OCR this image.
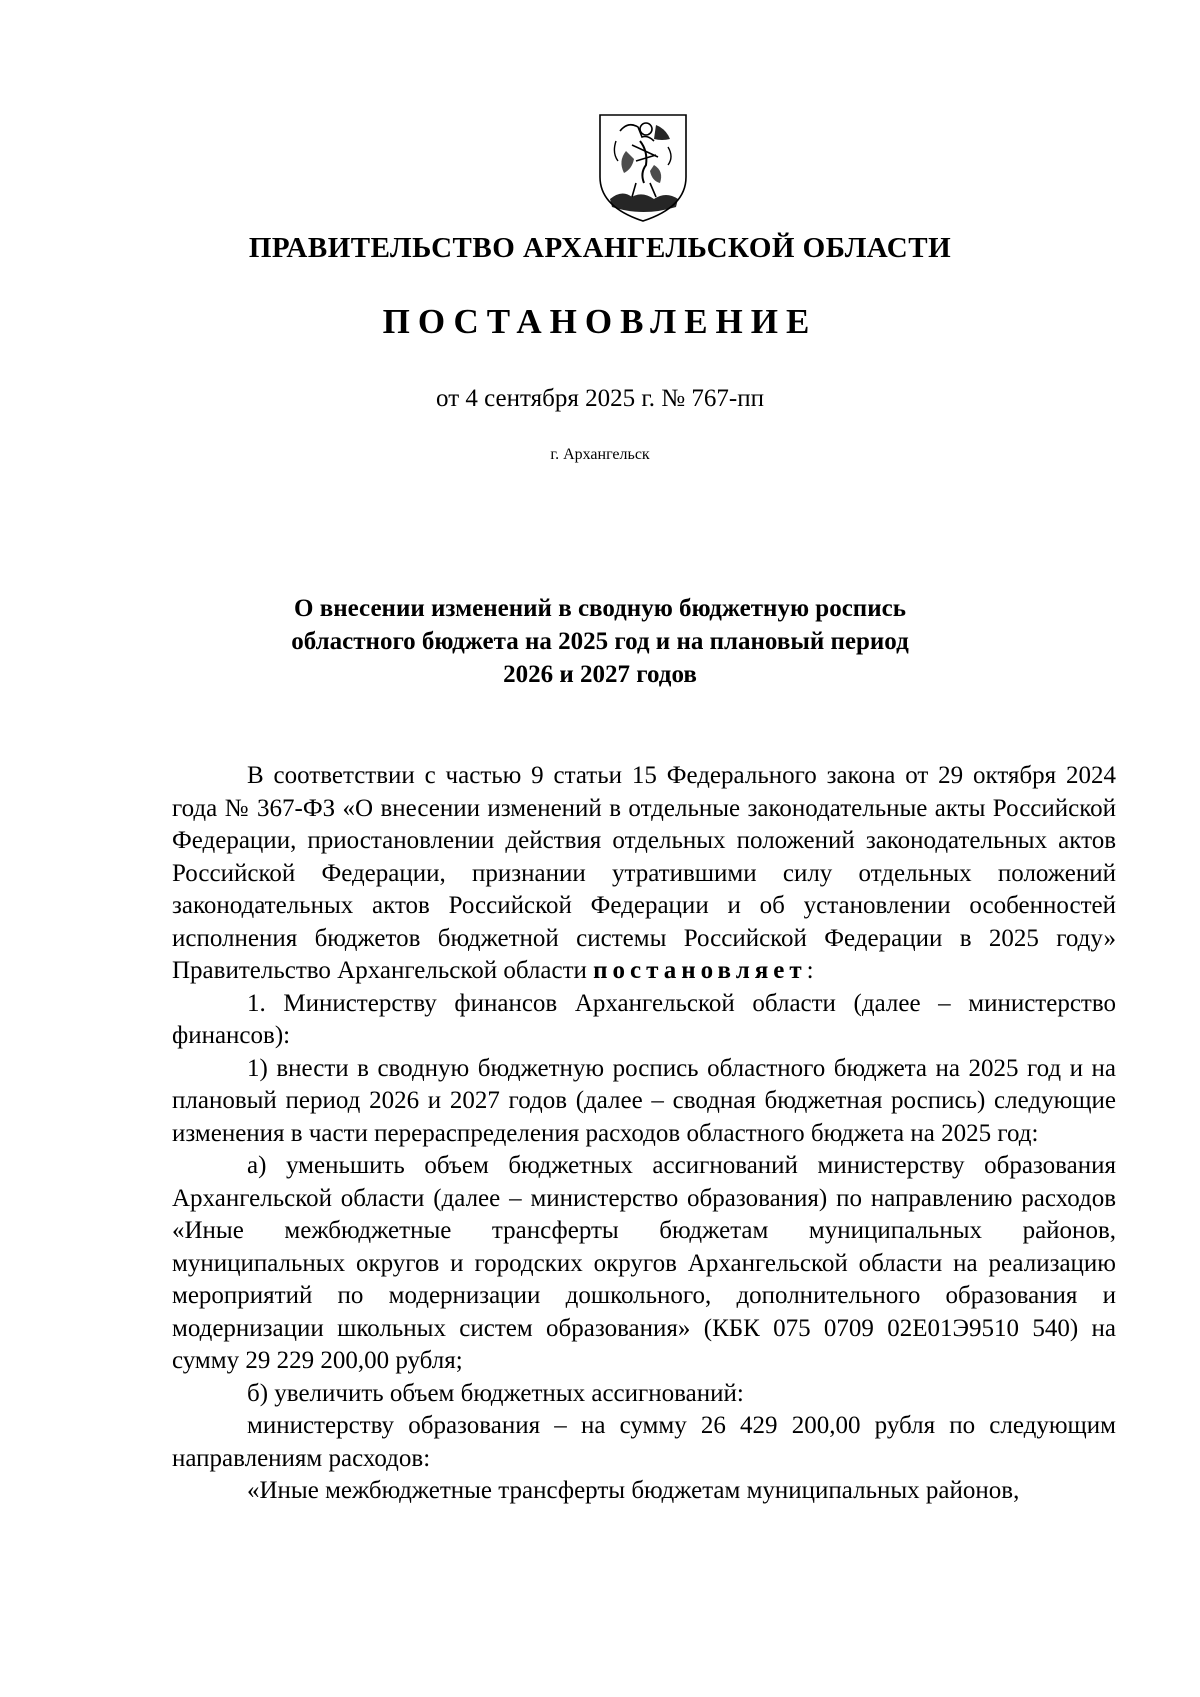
ПРАВИТЕЛЬСТВО АРХАНГЕЛЬСКОЙ ОБЛАСТИ
ПОСТАНОВЛЕНИЕ
от 4 сентября 2025 г. № 767-пп
г. Архангельск
О внесении изменений в сводную бюджетную роспись
областного бюджета на 2025 год и на плановый период
2026 и 2027 годов

В соответствии с частью 9 статьи 15 Федерального закона от 29 октября 2024 года № 367-ФЗ «О внесении изменений в отдельные законодательные акты Российской Федерации, приостановлении действия отдельных положений законодательных актов Российской Федерации, признании утратившими силу отдельных положений законодательных актов Российской Федерации и об установлении особенностей исполнения бюджетов бюджетной системы Российской Федерации в 2025 году» Правительство Архангельской области постановляет:

1. Министерству финансов Архангельской области (далее – министерство финансов):

1) внести в сводную бюджетную роспись областного бюджета на 2025 год и на плановый период 2026 и 2027 годов (далее – сводная бюджетная роспись) следующие изменения в части перераспределения расходов областного бюджета на 2025 год:

а) уменьшить объем бюджетных ассигнований министерству образования Архангельской области (далее – министерство образования) по направлению расходов «Иные межбюджетные трансферты бюджетам муниципальных районов, муниципальных округов и городских округов Архангельской области на реализацию мероприятий по модернизации дошкольного, дополнительного образования и модернизации школьных систем образования» (КБК 075 0709 02Е01Э9510 540) на сумму 29 229 200,00 рубля;

б) увеличить объем бюджетных ассигнований:

министерству образования – на сумму 26 429 200,00 рубля по следующим направлениям расходов:

«Иные межбюджетные трансферты бюджетам муниципальных районов,
